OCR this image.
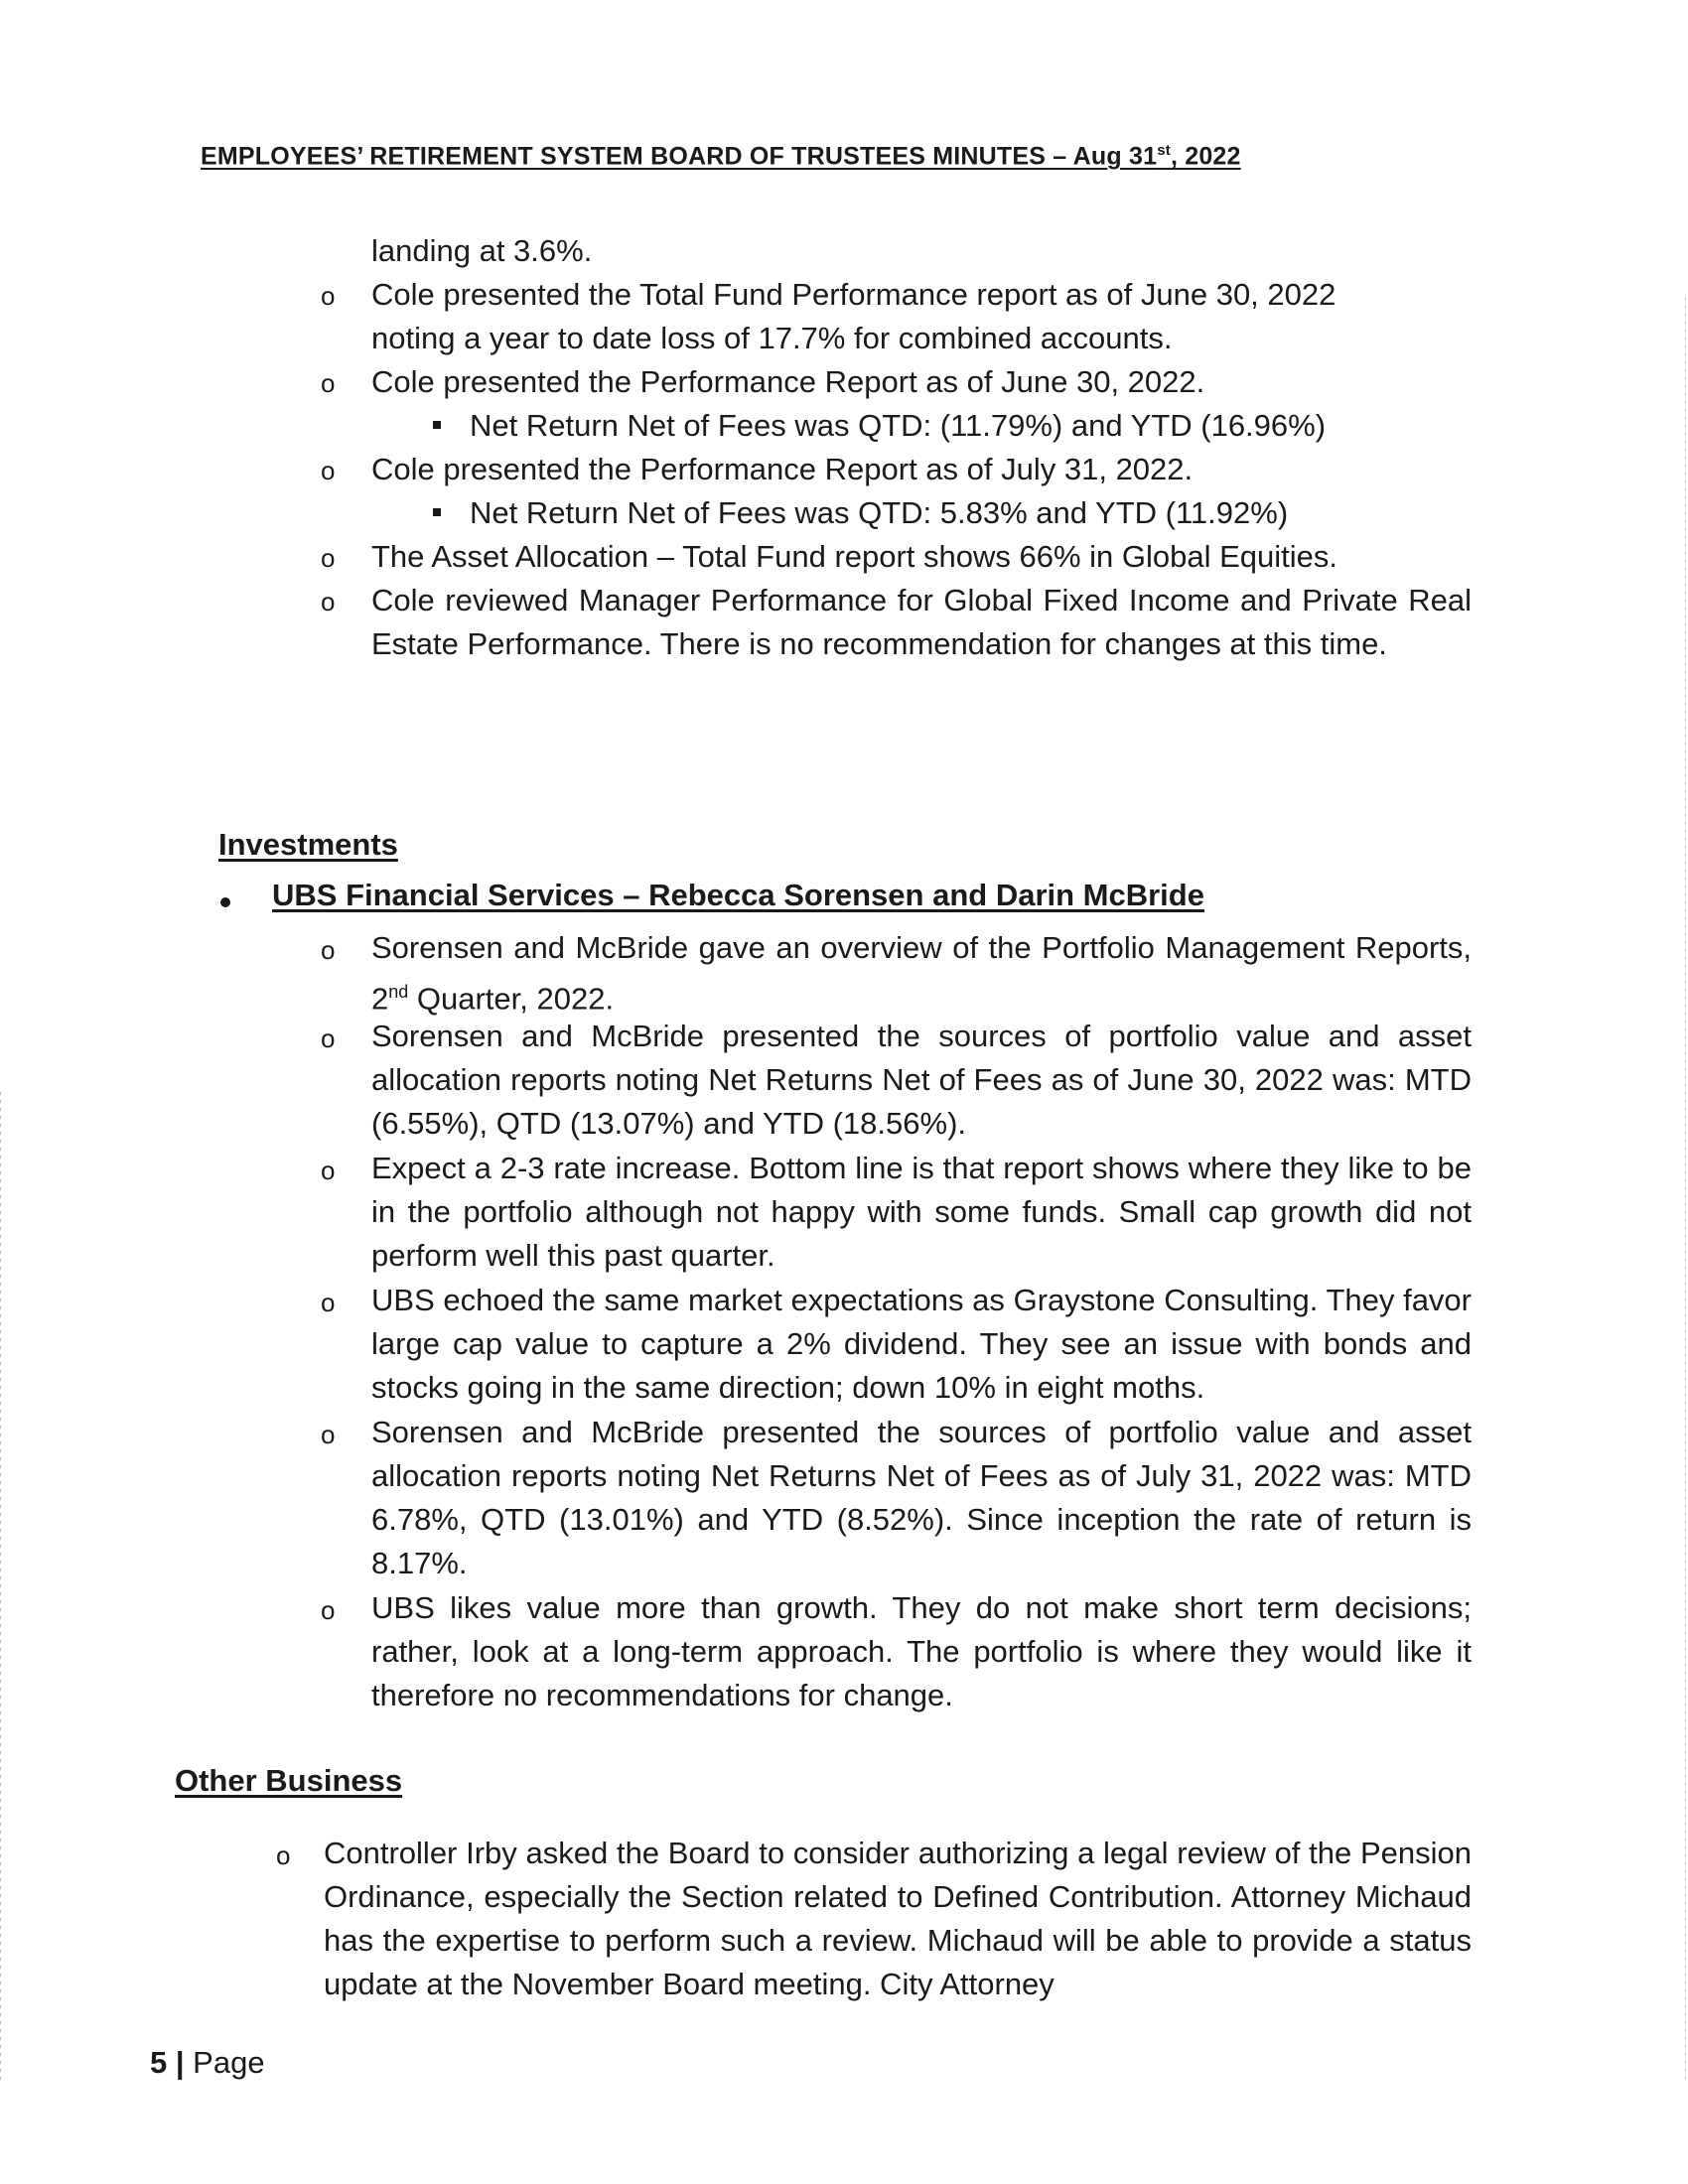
EMPLOYEES’ RETIREMENT SYSTEM BOARD OF TRUSTEES MINUTES – Aug 31st, 2022
landing at 3.6%.
o Cole presented the Total Fund Performance report as of June 30, 2022
noting a year to date loss of 17.7% for combined accounts.
o Cole presented the Performance Report as of June 30, 2022.
Net Return Net of Fees was QTD: (11.79%) and YTD (16.96%)
o Cole presented the Performance Report as of July 31, 2022.
Net Return Net of Fees was QTD: 5.83% and YTD (11.92%)
o The Asset Allocation – Total Fund report shows 66% in Global Equities.
o Cole reviewed Manager Performance for Global Fixed Income and Private Real Estate Performance. There is no recommendation for changes at this time.
Investments
UBS Financial Services – Rebecca Sorensen and Darin McBride
o Sorensen and McBride gave an overview of the Portfolio Management Reports, 2nd Quarter, 2022.
o Sorensen and McBride presented the sources of portfolio value and asset allocation reports noting Net Returns Net of Fees as of June 30, 2022 was: MTD (6.55%), QTD (13.07%) and YTD (18.56%).
o Expect a 2-3 rate increase. Bottom line is that report shows where they like to be in the portfolio although not happy with some funds. Small cap growth did not perform well this past quarter.
o UBS echoed the same market expectations as Graystone Consulting. They favor large cap value to capture a 2% dividend. They see an issue with bonds and stocks going in the same direction; down 10% in eight moths.
o Sorensen and McBride presented the sources of portfolio value and asset allocation reports noting Net Returns Net of Fees as of July 31, 2022 was: MTD 6.78%, QTD (13.01%) and YTD (8.52%). Since inception the rate of return is 8.17%.
o UBS likes value more than growth. They do not make short term decisions; rather, look at a long-term approach. The portfolio is where they would like it therefore no recommendations for change.
Other Business
o Controller Irby asked the Board to consider authorizing a legal review of the Pension Ordinance, especially the Section related to Defined Contribution. Attorney Michaud has the expertise to perform such a review. Michaud will be able to provide a status update at the November Board meeting. City Attorney
5 | Page
